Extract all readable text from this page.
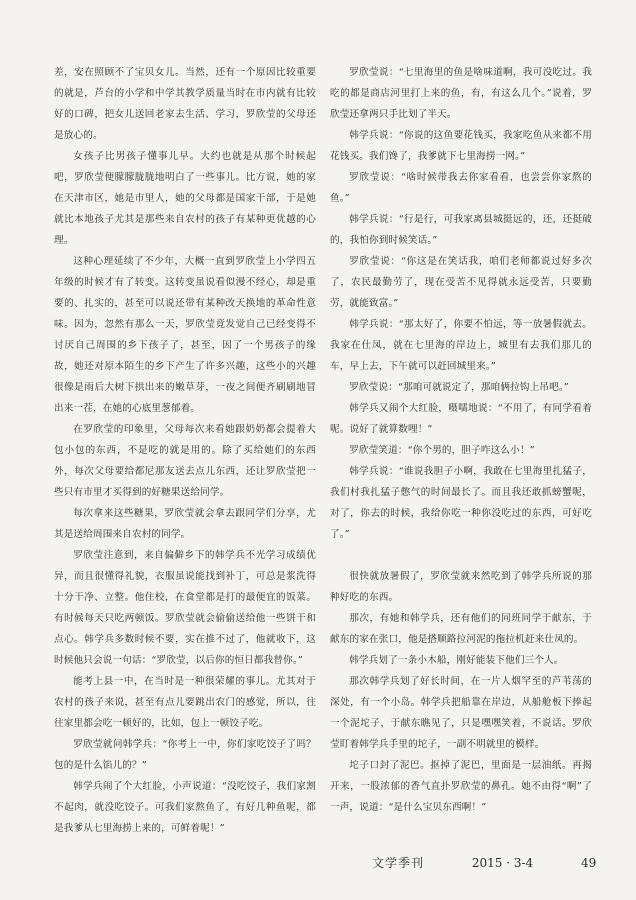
差，安在照顾不了宝贝女儿。当然，还有一个原因比较重要的就是，芦台的小学和中学其教学质量当时在市内就有比较好的口碑，把女儿送回老家去生活、学习，罗欣莹的父母还是放心的。

女孩子比男孩子懂事儿早。大约也就是从那个时候起吧，罗欣莹便朦朦胧胧地明白了一些事儿。比方说，她的家在天津市区，她是市里人，她的父母都是国家干部，于是她就比本地孩子尤其是那些来自农村的孩子有某种更优越的心理。

这种心理延续了不少年，大概一直到罗欣莹上小学四五年级的时候才有了转变。这转变虽说看似漫不经心，却是重要的、扎实的，甚至可以说还带有某种改天换地的革命性意味。因为，忽然有那么一天，罗欣莹竟发觉自己已经变得不讨厌自己周围的乡下孩子了，甚至，因了一个男孩子的缘故，她还对原本陌生的乡下产生了许多兴趣，这些小的兴趣很像是雨后大树下拱出来的嫩草芽，一夜之间便齐刷刷地冒出来一茬，在她的心底里葱郁着。

在罗欣莹的印象里，父母每次来看她跟奶奶都会提着大包小包的东西，不是吃的就是用的。除了买给她们的东西外，每次父母要给都尼那友送去点儿东西，还让罗欣莹把一些只有市里才买得到的好糖果送给同学。

每次拿来这些糖果，罗欣莹就会拿去跟同学们分享，尤其是送给周围来自农村的同学。

罗欣莹注意到，来自偏僻乡下的韩学兵不光学习成绩优异，而且很懂得礼貌，衣服虽说能找到补丁，可总是浆洗得十分干净、立整。他住校，在食堂都是打的最便宜的饭菜。有时候每天只吃两顿饭。罗欣莹就会偷偷送给他一些饼干和点心。韩学兵多数时候不要，实在推不过了，他就收下，这时候他只会说一句话：“罗欣莹，以后你的恒日都我替你。”

能考上县一中，在当时是一种很荣耀的事儿。尤其对于农村的孩子来说，甚至有点儿要跳出农门的感觉，所以，往往家里都会吃一顿好的，比如，包上一顿饺子吃。

罗欣莹就问韩学兵：“你考上一中，你们家吃饺子了吗？包的是什么馅儿的？”

韩学兵闹了个大红脸，小声说道：“没吃饺子，我们家割不起肉，就没吃饺子。可我们家熬鱼了，有好几种鱼呢，都是我爹从七里海捞上来的，可鲜着呢！”

罗欣莹说：“七里海里的鱼是啥味道啊，我可没吃过。我吃的都是商店河里打上来的鱼，有，有这么几个。”说着，罗欣莹还拿两只手比划了半天。

韩学兵说：“你说的这鱼要花钱买，我家吃鱼从来都不用花钱买。我们馋了，我爹就下七里海捞一网。”

罗欣莹说：“啥时候带我去你家看看，也尝尝你家熬的鱼。”

韩学兵说：“行是行，可我家离县城挺远的，还，还挺破的，我怕你到时候笑话。”

罗欣莹说：“你这是在笑话我，咱们老师都说过好多次了，农民最勤劳了，现在受苦不见得就永远受苦，只要勤劳，就能致富。”

韩学兵说：“那太好了，你要不怕远，等一放暑假就去。我家在仕凤，就在七里海的岸边上，城里有去我们那儿的车，早上去，下午就可以赶回城里来。”

罗欣莹说：“那咱可就说定了，那咱俩拉钩上吊吧。”

韩学兵又闹个大红脸，嗫嚅地说：“不用了，有同学看着呢。说好了就算数哩！”

罗欣莹笑道：“你个男的，胆子咋这么小！”

韩学兵说：“谁说我胆子小啊，我敢在七里海里扎猛子，我们村我扎猛子憋气的时间最长了。而且我还敢抓螃蟹呢，对了，你去的时候，我给你吃一种你没吃过的东西，可好吃了。”

很快就放暑假了，罗欣莹就来然吃到了韩学兵所说的那种好吃的东西。

那次，有她和韩学兵，还有他们的同班同学于献东，于献东的家在张口，他是搭顺路拉河泥的拖拉机赶来仕凤的。

韩学兵划了一条小木船，刚好能装下他们三个人。

那次韩学兵划了好长时间，在一片人烟罕至的芦苇荡的深处，有一个小岛。韩学兵把船靠在岸边，从船舱板下捧起一个泥坨子，于献东瞧见了，只是嘿嘿笑着，不说话。罗欣莹盯着韩学兵手里的坨子，一副不明就里的模样。

坨子口封了泥巴。抠掉了泥巴，里面是一层油纸。再揭开来，一股浓郁的香气直扑罗欣莹的鼻孔。她不由得“啊”了一声，说道：“是什么宝贝东西啊！”

文学季刊	2015 · 3-4	49
